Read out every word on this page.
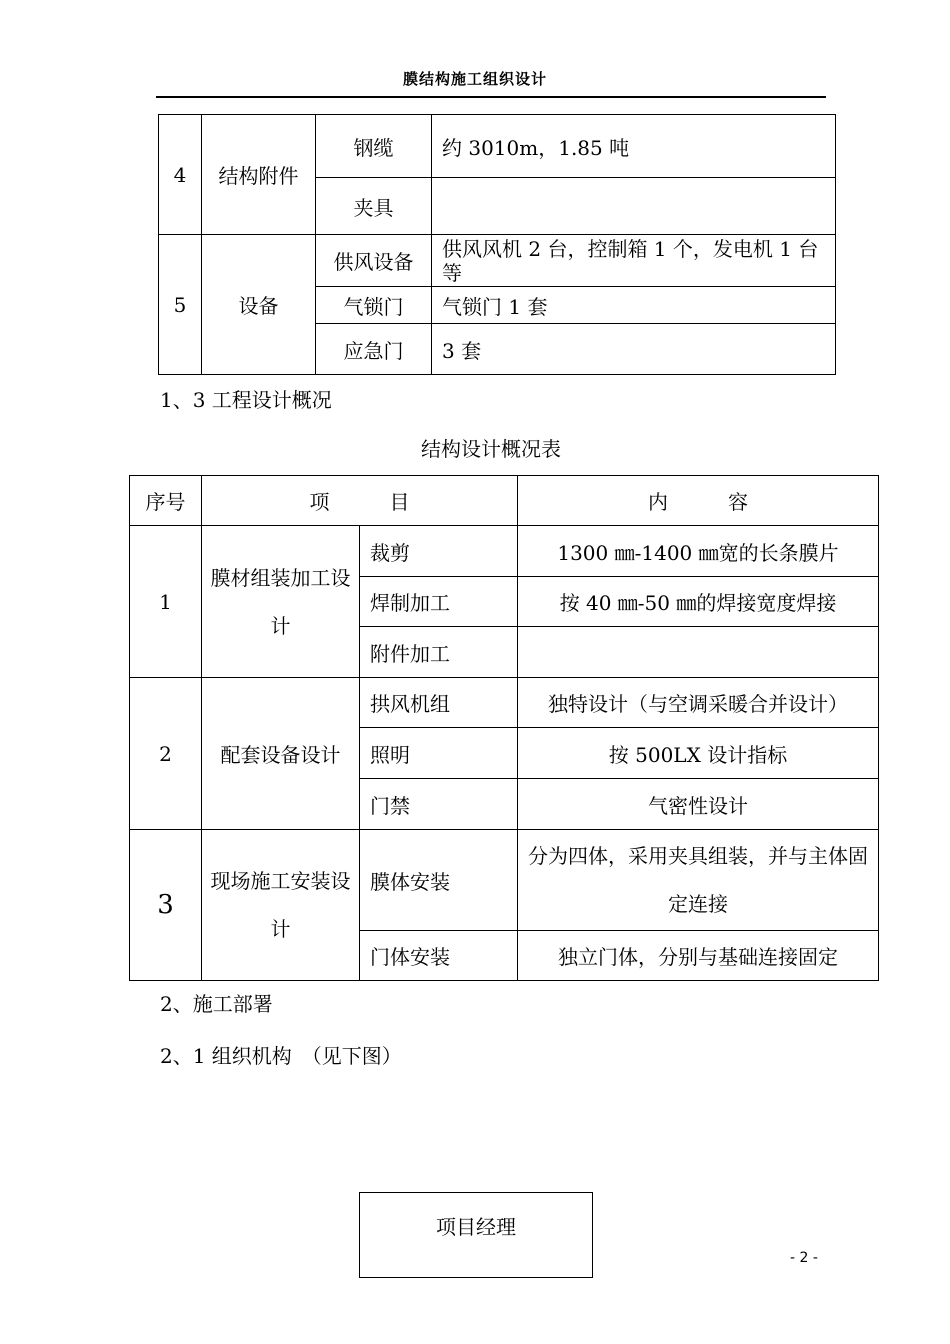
膜结构施工组织设计
4	结构附件	钢缆	约 3010m，1.85 吨
		夹具	
5	设备	供风设备	供风风机 2 台，控制箱 1 个，发电机 1 台等
		气锁门	气锁门 1 套
		应急门	3 套
1、3 工程设计概况
结构设计概况表
序号	项　　　目		内　　　容
1	膜材组装加工设计	裁剪	1300 ㎜-1400 ㎜宽的长条膜片
		焊制加工	按 40 ㎜-50 ㎜的焊接宽度焊接
		附件加工	
2	配套设备设计	拱风机组	独特设计（与空调采暖合并设计）
		照明	按 500LX 设计指标
		门禁	气密性设计
3	现场施工安装设计	膜体安装	分为四体，采用夹具组装，并与主体固定连接
		门体安装	独立门体，分别与基础连接固定
2、施工部署
2、1 组织机构　（见下图）
项目经理
- 2 -
